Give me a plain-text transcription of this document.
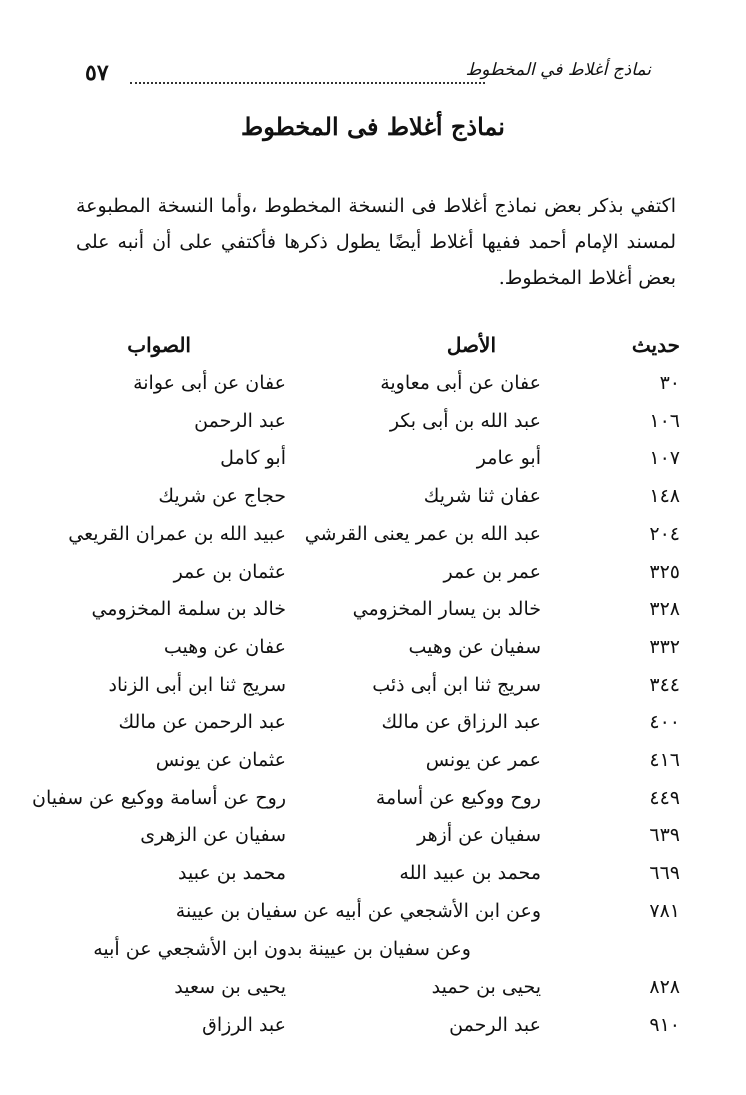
نماذج أغلاط في المخطوط
٥٧
نماذج أغلاط فى المخطوط
اكتفي بذكر بعض نماذج أغلاط فى النسخة المخطوط ،وأما النسخة المطبوعة لمسند الإمام أحمد ففيها أغلاط أيضًا يطول ذكرها فأكتفي على أن أنبه على بعض أغلاط المخطوط.
حديث
الأصل
الصواب
٣٠
عفان عن أبى معاوية
عفان عن أبى عوانة
١٠٦
عبد الله بن أبى بكر
عبد الرحمن
١٠٧
أبو عامر
أبو كامل
١٤٨
عفان ثنا شريك
حجاج عن شريك
٢٠٤
عبد الله بن عمر يعنى القرشي
عبيد الله بن عمران القريعي
٣٢٥
عمر بن عمر
عثمان بن عمر
٣٢٨
خالد بن يسار المخزومي
خالد بن سلمة المخزومي
٣٣٢
سفيان عن وهيب
عفان عن وهيب
٣٤٤
سريج ثنا ابن أبى ذئب
سريج ثنا ابن أبى الزناد
٤٠٠
عبد الرزاق عن مالك
عبد الرحمن عن مالك
٤١٦
عمر عن يونس
عثمان عن يونس
٤٤٩
روح ووكيع عن أسامة
روح عن أسامة ووكيع عن سفيان
٦٣٩
سفيان عن أزهر
سفيان عن الزهرى
٦٦٩
محمد بن عبيد الله
محمد بن عبيد
٧٨١
وعن ابن الأشجعي عن أبيه عن سفيان بن عيينة
وعن سفيان بن عيينة بدون ابن الأشجعي عن أبيه
٨٢٨
يحيى بن حميد
يحيى بن سعيد
٩١٠
عبد الرحمن
عبد الرزاق
